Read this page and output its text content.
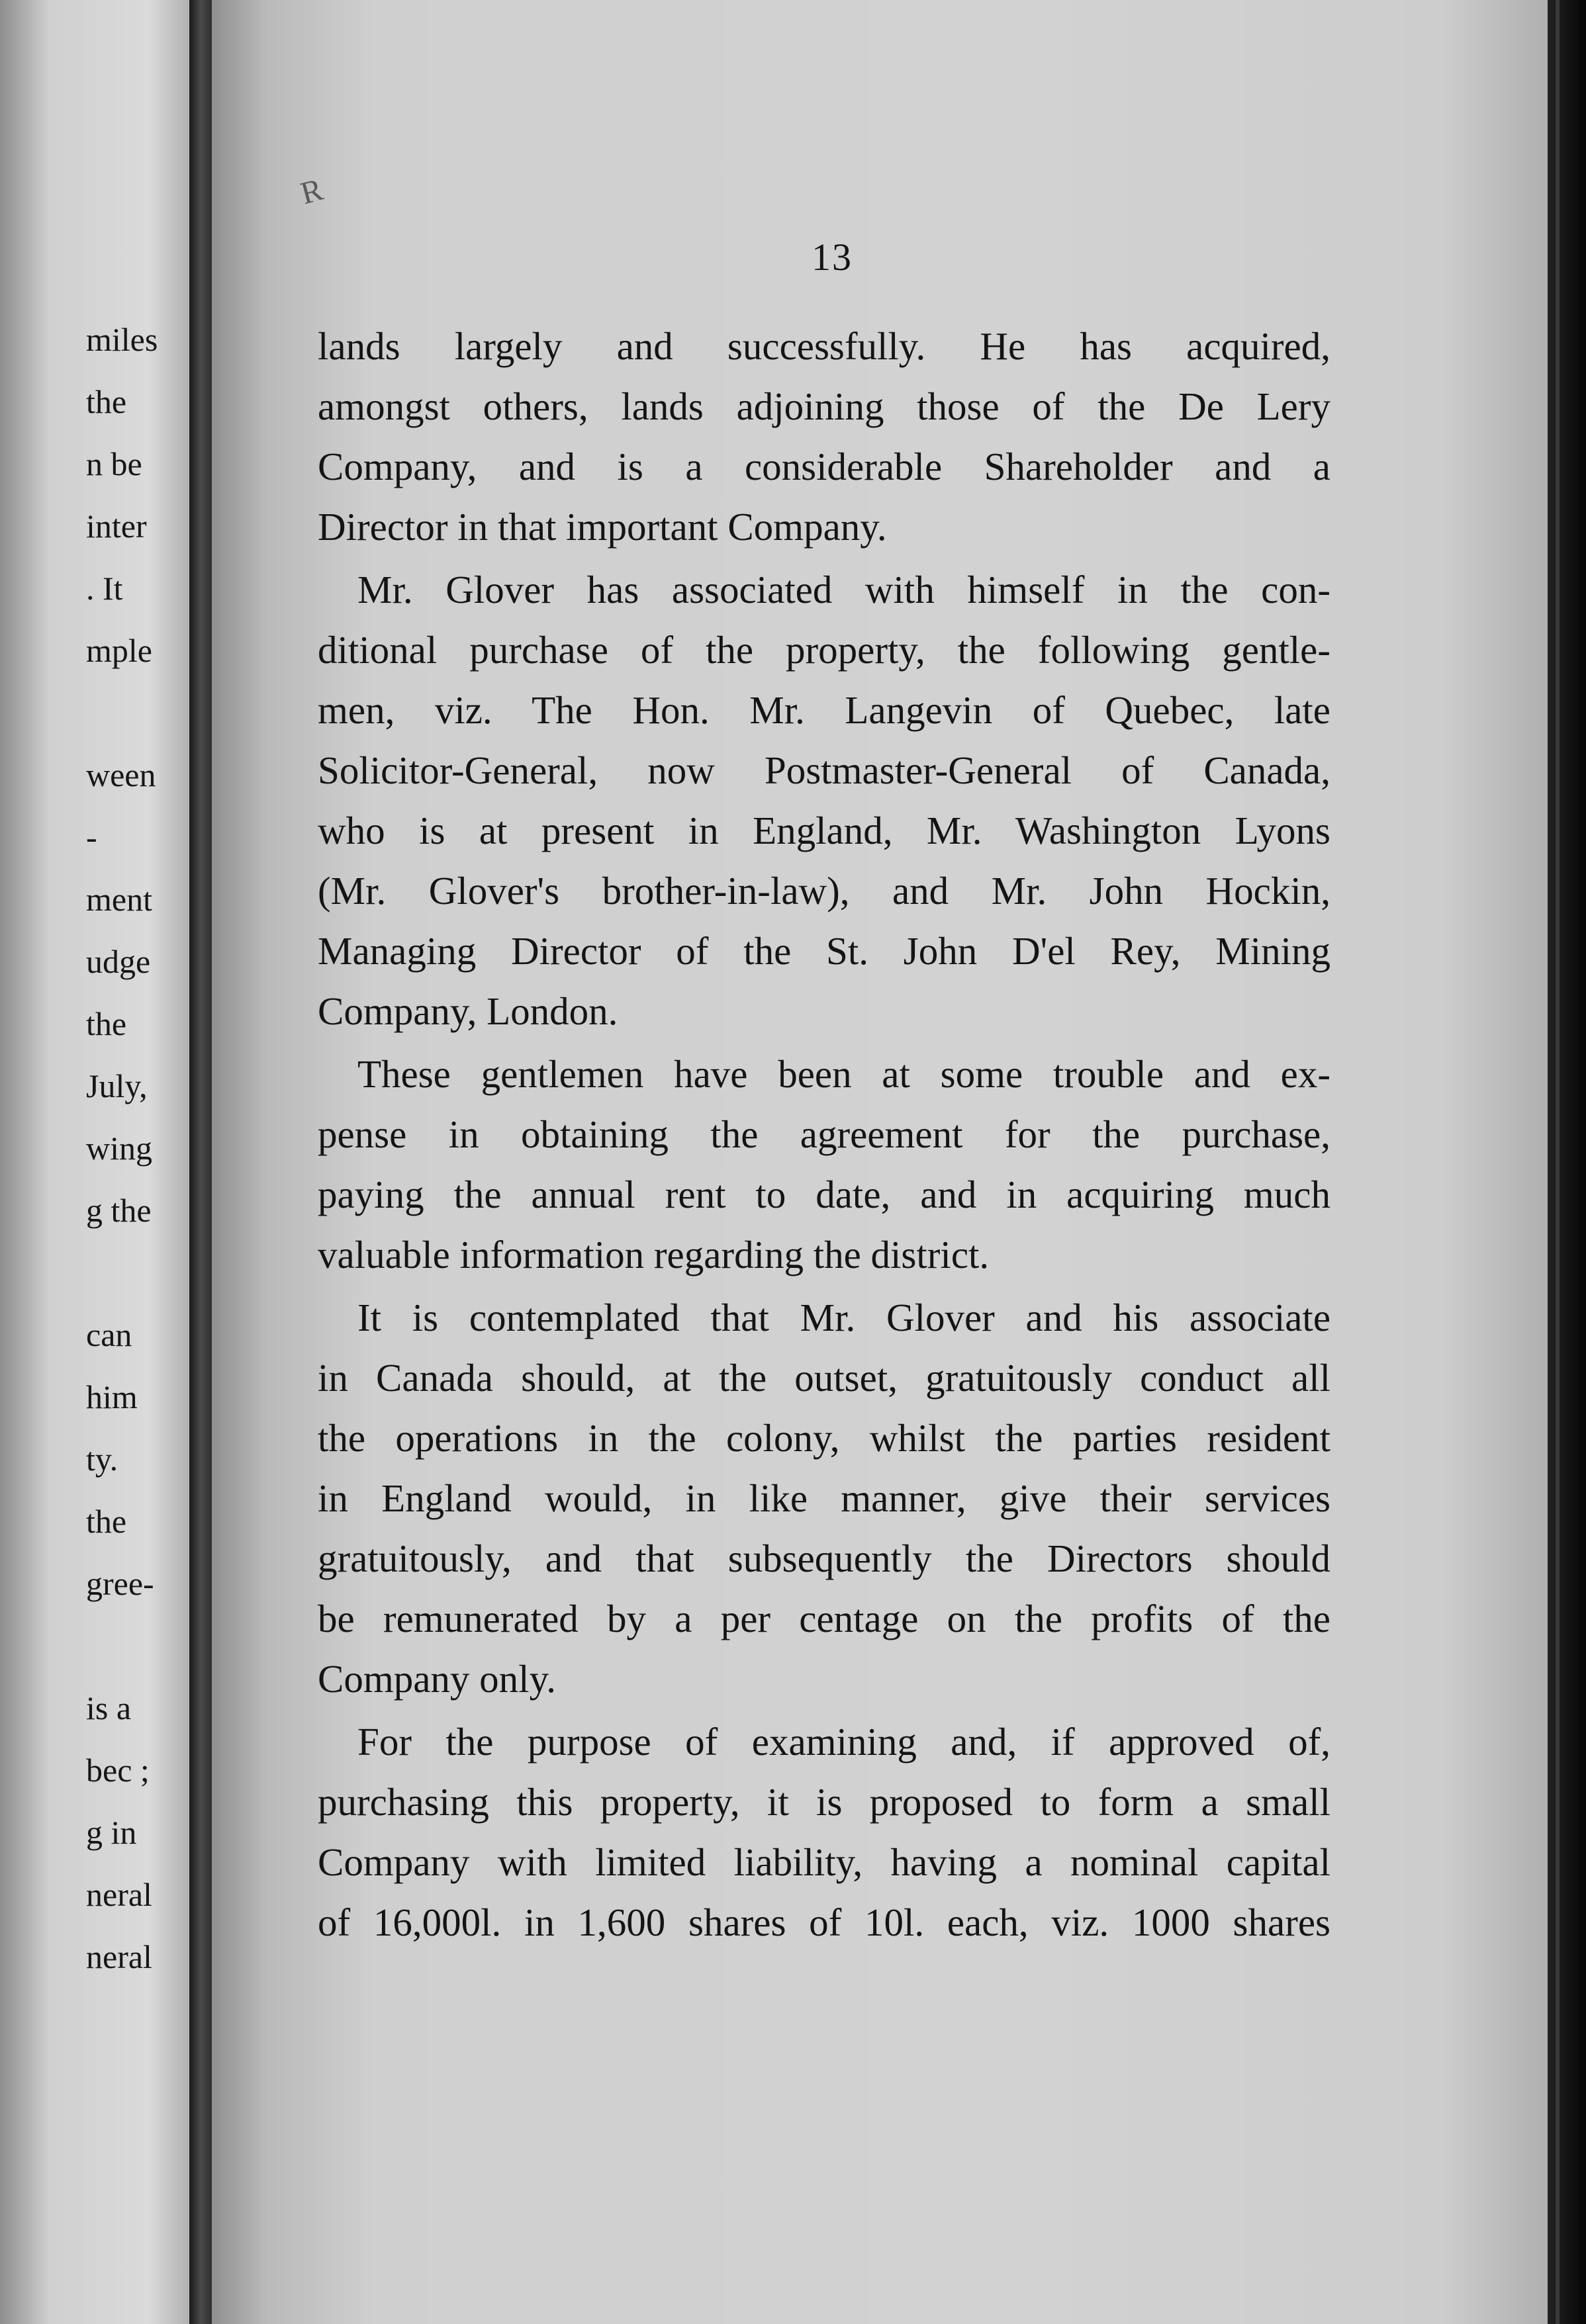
miles
the
n be
inter
. It
mple
ween
-
ment
udge
the
July,
wing
g the
can
him
ty.
the
gree-
is a
bec ;
g in
neral
neral
R
13
lands largely and successfully. He has acquired,
amongst others, lands adjoining those of the De Lery
Company, and is a considerable Shareholder and a
Director in that important Company.
Mr. Glover has associated with himself in the con-
ditional purchase of the property, the following gentle-
men, viz. The Hon. Mr. Langevin of Quebec, late
Solicitor-General, now Postmaster-General of Canada,
who is at present in England, Mr. Washington Lyons
(Mr. Glover's brother-in-law), and Mr. John Hockin,
Managing Director of the St. John D'el Rey, Mining
Company, London.
These gentlemen have been at some trouble and ex-
pense in obtaining the agreement for the purchase,
paying the annual rent to date, and in acquiring much
valuable information regarding the district.
It is contemplated that Mr. Glover and his associate
in Canada should, at the outset, gratuitously conduct all
the operations in the colony, whilst the parties resident
in England would, in like manner, give their services
gratuitously, and that subsequently the Directors should
be remunerated by a per centage on the profits of the
Company only.
For the purpose of examining and, if approved of,
purchasing this property, it is proposed to form a small
Company with limited liability, having a nominal capital
of 16,000l. in 1,600 shares of 10l. each, viz. 1000 shares
